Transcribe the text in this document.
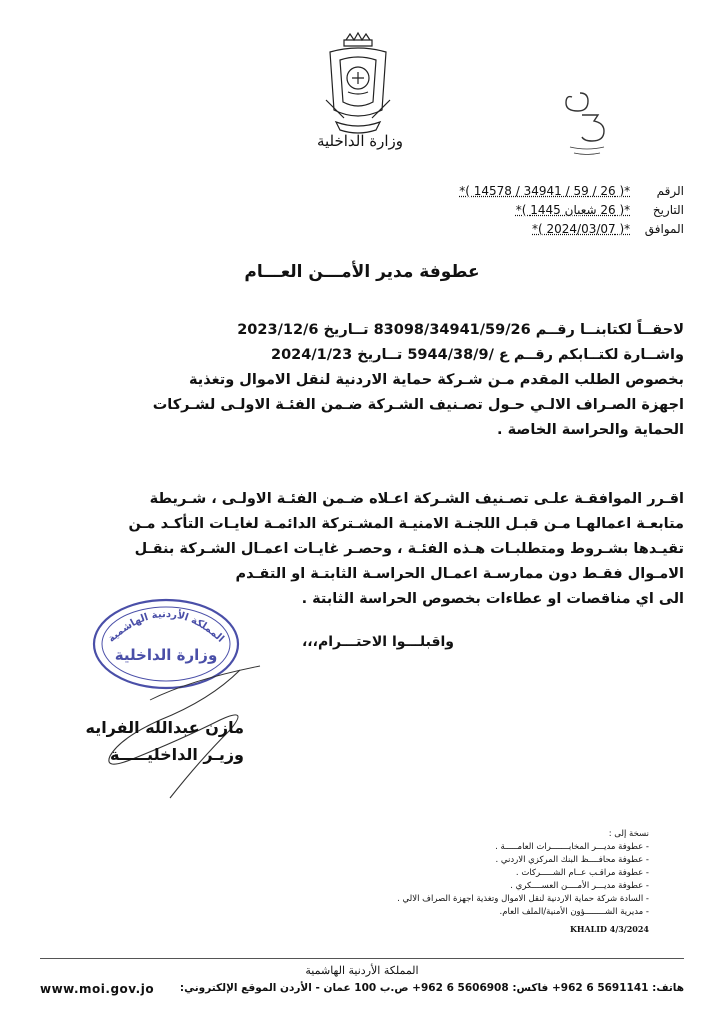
وزارة الداخلية
الرقم *( 26 / 59 / 34941 / 14578 )*
التاريخ *( 26 شعبان 1445 )*
الموافق *( 2024/03/07 )*
عطوفة مدير الأمـــن العـــام

لاحقــاً لكتابنــا رقــم 83098/34941/59/26 تــاريخ 2023/12/6

واشــارة لكتــابكم رقــم ع /5944/38/9 تــاريخ 2024/1/23

بخصوص الطلب المقدم مـن شـركة حماية الاردنية لنقل الاموال وتغذية

اجهزة الصـراف الالـي حـول تصـنيف الشـركة ضـمن الفئـة الاولـى لشـركات

الحماية والحراسة الخاصة .

اقـرر الموافقـة علـى تصـنيف الشـركة اعـلاه ضـمن الفئـة الاولـى ، شـريطة

متابعـة اعمالهـا مـن قبـل اللجنـة الامنيـة المشـتركة الدائمـة لغايـات التأكـد مـن

تقيـدها بشـروط ومتطلبـات هـذه الفئـة ، وحصـر غايـات اعمـال الشـركة بنقـل

الامـوال فقـط دون ممارسـة اعمـال الحراسـة الثابتـة او التقـدم

الى اي مناقصات او عطاءات بخصوص الحراسة الثابتة .

واقبلـــوا الاحتـــرام،،،
المملكة الأردنية الهاشمية
وزارة الداخلية
مازن عبدالله الفرايه
وزيـر الداخليـــــة
نسخة إلى :
- عطوفة مديـــر المخابـــــــرات العامـــــة .
- عطوفة محافــــظ البنك المركزي الاردني .
- عطوفة مراقـب عــام الشـــــركات .
- عطوفة مديـــر الأمــــن العســــكري .
- السادة شركة حماية الاردنية لنقل الاموال وتغذية اجهزة الصراف الالي .
- مديرية الشــــــــؤون الأمنية/الملف العام.
KHALID 4/3/2024
المملكة الأردنية الهاشمية
هاتف: 5691141 6 962+ فاكس: 5606908 6 962+ ص.ب 100 عمان - الأردن الموقع الإلكتروني:
www.moi.gov.jo
